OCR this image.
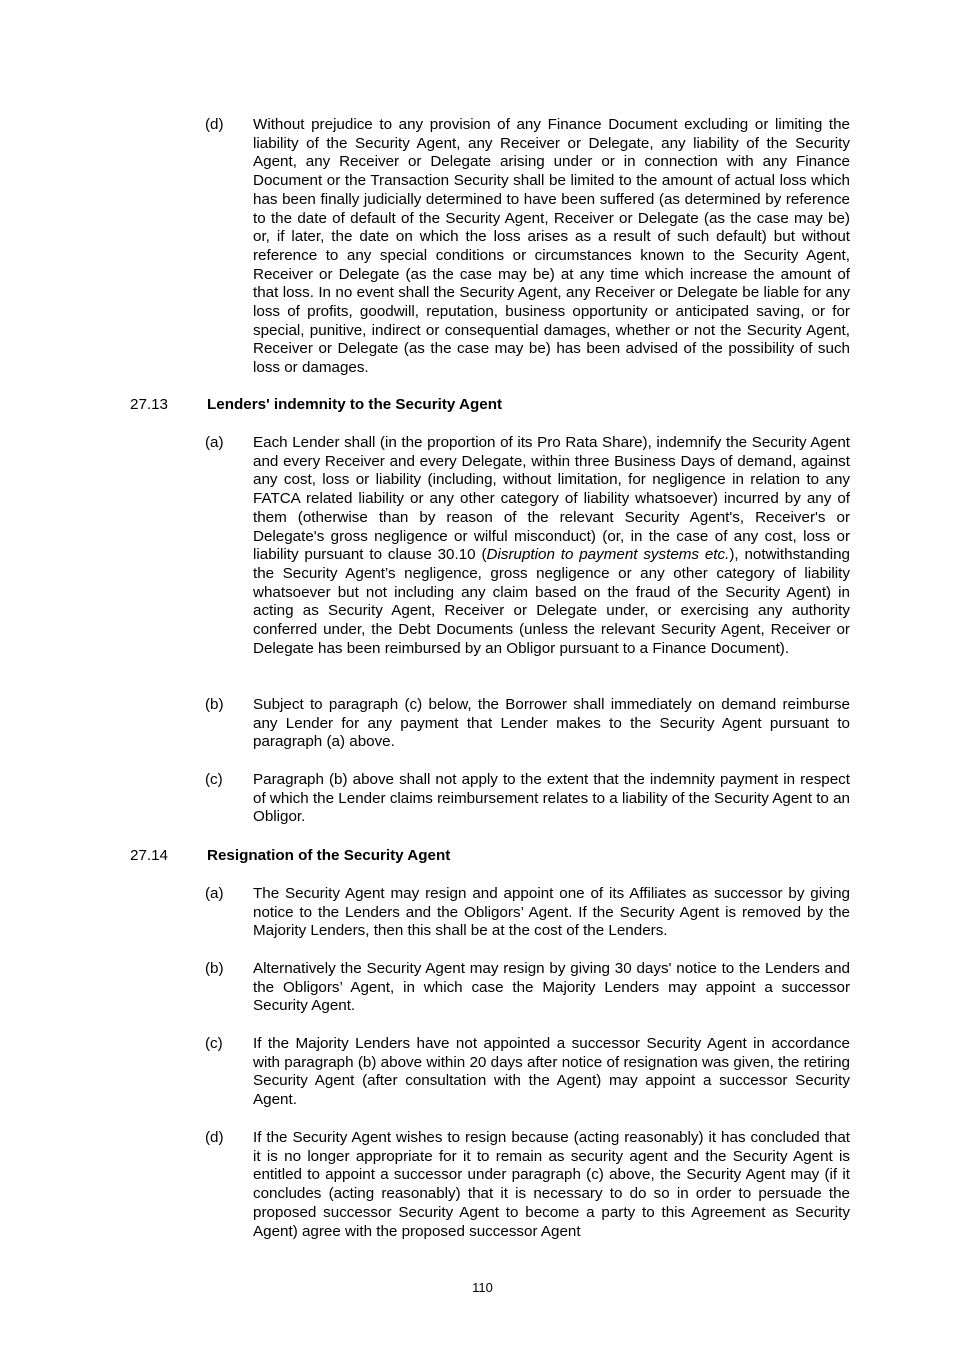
(d)	Without prejudice to any provision of any Finance Document excluding or limiting the liability of the Security Agent, any Receiver or Delegate, any liability of the Security Agent, any Receiver or Delegate arising under or in connection with any Finance Document or the Transaction Security shall be limited to the amount of actual loss which has been finally judicially determined to have been suffered (as determined by reference to the date of default of the Security Agent, Receiver or Delegate (as the case may be) or, if later, the date on which the loss arises as a result of such default) but without reference to any special conditions or circumstances known to the Security Agent, Receiver or Delegate (as the case may be) at any time which increase the amount of that loss. In no event shall the Security Agent, any Receiver or Delegate be liable for any loss of profits, goodwill, reputation, business opportunity or anticipated saving, or for special, punitive, indirect or consequential damages, whether or not the Security Agent, Receiver or Delegate (as the case may be) has been advised of the possibility of such loss or damages.
27.13	Lenders' indemnity to the Security Agent
(a)	Each Lender shall (in the proportion of its Pro Rata Share), indemnify the Security Agent and every Receiver and every Delegate, within three Business Days of demand, against any cost, loss or liability (including, without limitation, for negligence in relation to any FATCA related liability or any other category of liability whatsoever) incurred by any of them (otherwise than by reason of the relevant Security Agent's, Receiver's or Delegate's gross negligence or wilful misconduct) (or, in the case of any cost, loss or liability pursuant to clause 30.10 (Disruption to payment systems etc.), notwithstanding the Security Agent’s negligence, gross negligence or any other category of liability whatsoever but not including any claim based on the fraud of the Security Agent) in acting as Security Agent, Receiver or Delegate under, or exercising any authority conferred under, the Debt Documents (unless the relevant Security Agent, Receiver or Delegate has been reimbursed by an Obligor pursuant to a Finance Document).
(b)	Subject to paragraph (c) below, the Borrower shall immediately on demand reimburse any Lender for any payment that Lender makes to the Security Agent pursuant to paragraph (a) above.
(c)	Paragraph (b) above shall not apply to the extent that the indemnity payment in respect of which the Lender claims reimbursement relates to a liability of the Security Agent to an Obligor.
27.14	Resignation of the Security Agent
(a)	The Security Agent may resign and appoint one of its Affiliates as successor by giving notice to the Lenders and the Obligors’ Agent. If the Security Agent is removed by the Majority Lenders, then this shall be at the cost of the Lenders.
(b)	Alternatively the Security Agent may resign by giving 30 days' notice to the Lenders and the Obligors’ Agent, in which case the Majority Lenders may appoint a successor Security Agent.
(c)	If the Majority Lenders have not appointed a successor Security Agent in accordance with paragraph (b) above within 20 days after notice of resignation was given, the retiring Security Agent (after consultation with the Agent) may appoint a successor Security Agent.
(d)	If the Security Agent wishes to resign because (acting reasonably) it has concluded that it is no longer appropriate for it to remain as security agent and the Security Agent is entitled to appoint a successor under paragraph (c) above, the Security Agent may (if it concludes (acting reasonably) that it is necessary to do so in order to persuade the proposed successor Security Agent to become a party to this Agreement as Security Agent) agree with the proposed successor Agent
110
